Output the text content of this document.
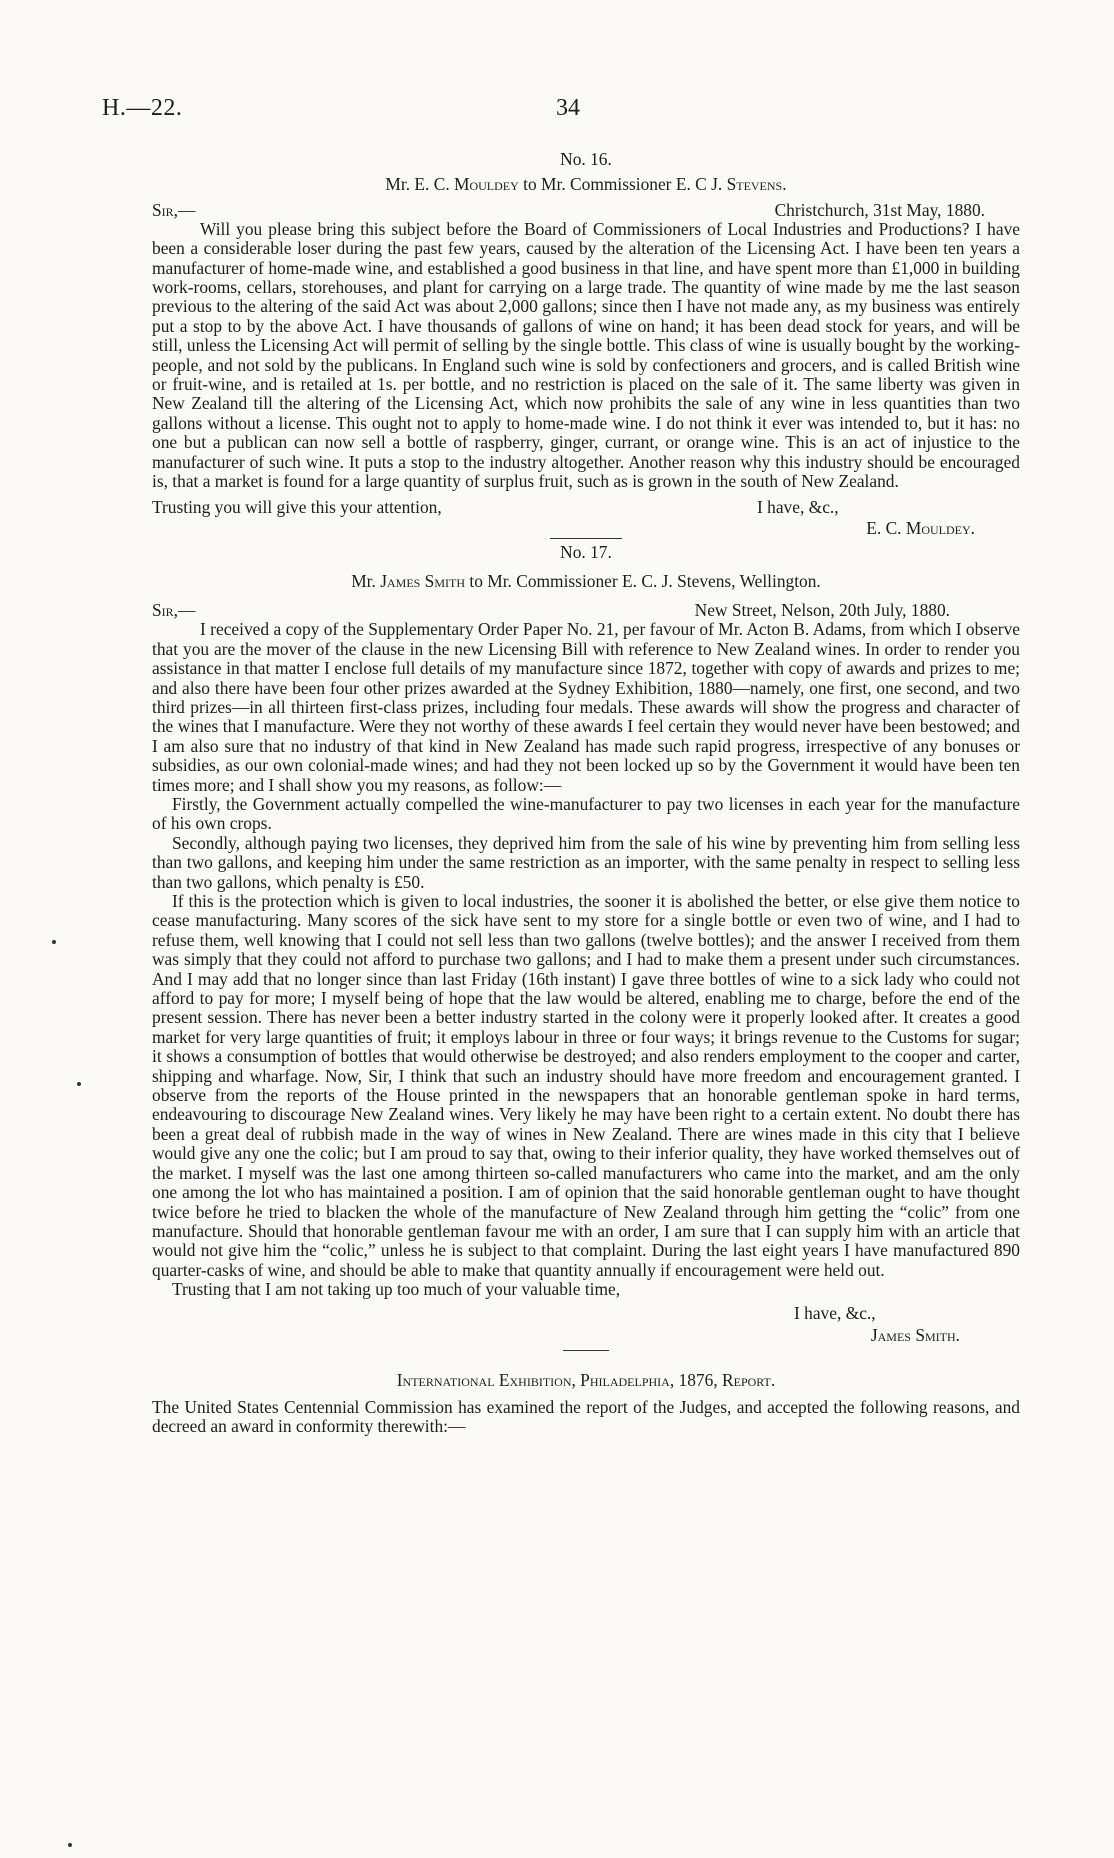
H.—22.	34
No. 16.
Mr. E. C. Mouldey to Mr. Commissioner E. C J. Stevens.
Sir,—	Christchurch, 31st May, 1880.

Will you please bring this subject before the Board of Commissioners of Local Industries and Productions? I have been a considerable loser during the past few years, caused by the alteration of the Licensing Act. I have been ten years a manufacturer of home-made wine, and established a good business in that line, and have spent more than £1,000 in building work-rooms, cellars, storehouses, and plant for carrying on a large trade. The quantity of wine made by me the last season previous to the altering of the said Act was about 2,000 gallons; since then I have not made any, as my business was entirely put a stop to by the above Act. I have thousands of gallons of wine on hand; it has been dead stock for years, and will be still, unless the Licensing Act will permit of selling by the single bottle. This class of wine is usually bought by the working-people, and not sold by the publicans. In England such wine is sold by confectioners and grocers, and is called British wine or fruit-wine, and is retailed at 1s. per bottle, and no restriction is placed on the sale of it. The same liberty was given in New Zealand till the altering of the Licensing Act, which now prohibits the sale of any wine in less quantities than two gallons without a license. This ought not to apply to home-made wine. I do not think it ever was intended to, but it has: no one but a publican can now sell a bottle of raspberry, ginger, currant, or orange wine. This is an act of injustice to the manufacturer of such wine. It puts a stop to the industry altogether. Another reason why this industry should be encouraged is, that a market is found for a large quantity of surplus fruit, such as is grown in the south of New Zealand.

Trusting you will give this your attention,	I have, &c.,
E. C. Mouldey.
No. 17.
Mr. James Smith to Mr. Commissioner E. C. J. Stevens, Wellington.
Sir,—	New Street, Nelson, 20th July, 1880.

I received a copy of the Supplementary Order Paper No. 21, per favour of Mr. Acton B. Adams, from which I observe that you are the mover of the clause in the new Licensing Bill with reference to New Zealand wines. In order to render you assistance in that matter I enclose full details of my manufacture since 1872, together with copy of awards and prizes to me; and also there have been four other prizes awarded at the Sydney Exhibition, 1880—namely, one first, one second, and two third prizes—in all thirteen first-class prizes, including four medals. These awards will show the progress and character of the wines that I manufacture. Were they not worthy of these awards I feel certain they would never have been bestowed; and I am also sure that no industry of that kind in New Zealand has made such rapid progress, irrespective of any bonuses or subsidies, as our own colonial-made wines; and had they not been locked up so by the Government it would have been ten times more; and I shall show you my reasons, as follow:—

Firstly, the Government actually compelled the wine-manufacturer to pay two licenses in each year for the manufacture of his own crops.

Secondly, although paying two licenses, they deprived him from the sale of his wine by preventing him from selling less than two gallons, and keeping him under the same restriction as an importer, with the same penalty in respect to selling less than two gallons, which penalty is £50.

If this is the protection which is given to local industries, the sooner it is abolished the better, or else give them notice to cease manufacturing. Many scores of the sick have sent to my store for a single bottle or even two of wine, and I had to refuse them, well knowing that I could not sell less than two gallons (twelve bottles); and the answer I received from them was simply that they could not afford to purchase two gallons; and I had to make them a present under such circumstances. And I may add that no longer since than last Friday (16th instant) I gave three bottles of wine to a sick lady who could not afford to pay for more; I myself being of hope that the law would be altered, enabling me to charge, before the end of the present session. There has never been a better industry started in the colony were it properly looked after. It creates a good market for very large quantities of fruit; it employs labour in three or four ways; it brings revenue to the Customs for sugar; it shows a consumption of bottles that would otherwise be destroyed; and also renders employment to the cooper and carter, shipping and wharfage. Now, Sir, I think that such an industry should have more freedom and encouragement granted. I observe from the reports of the House printed in the newspapers that an honorable gentleman spoke in hard terms, endeavouring to discourage New Zealand wines. Very likely he may have been right to a certain extent. No doubt there has been a great deal of rubbish made in the way of wines in New Zealand. There are wines made in this city that I believe would give any one the colic; but I am proud to say that, owing to their inferior quality, they have worked themselves out of the market. I myself was the last one among thirteen so-called manufacturers who came into the market, and am the only one among the lot who has maintained a position. I am of opinion that the said honorable gentleman ought to have thought twice before he tried to blacken the whole of the manufacture of New Zealand through him getting the “colic” from one manufacture. Should that honorable gentleman favour me with an order, I am sure that I can supply him with an article that would not give him the “colic,” unless he is subject to that complaint. During the last eight years I have manufactured 890 quarter-casks of wine, and should be able to make that quantity annually if encouragement were held out.

Trusting that I am not taking up too much of your valuable time,

I have, &c.,
James Smith.
International Exhibition, Philadelphia, 1876, Report.

The United States Centennial Commission has examined the report of the Judges, and accepted the following reasons, and decreed an award in conformity therewith:—
